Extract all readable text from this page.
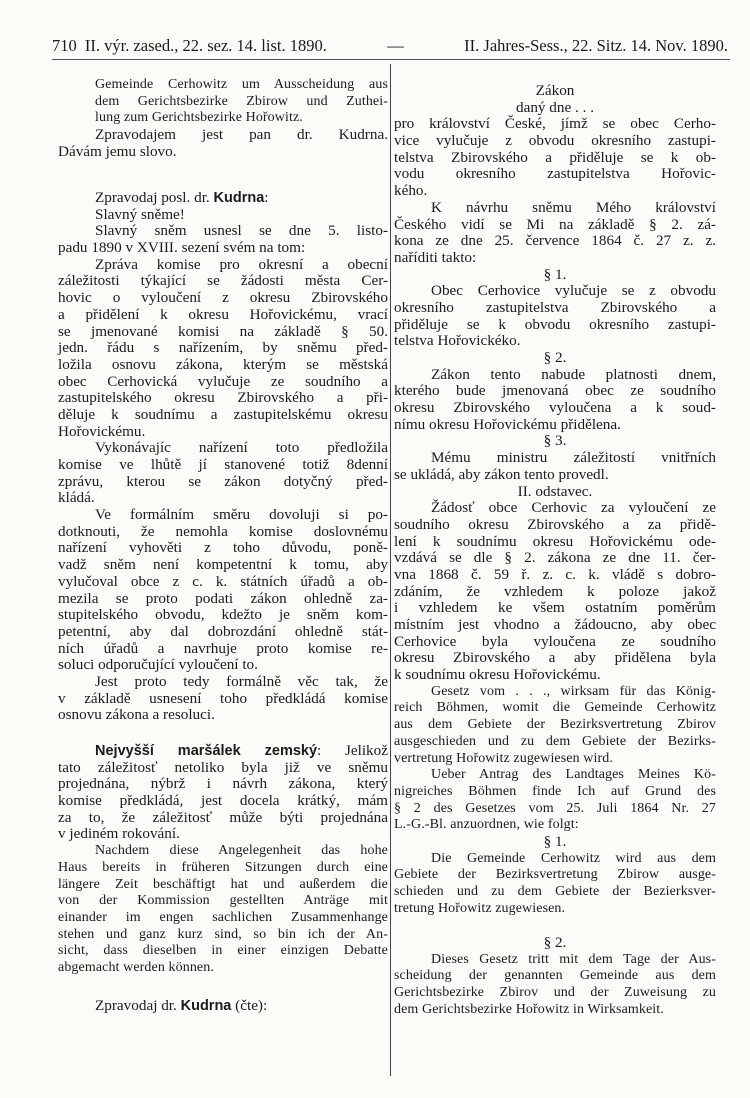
710 II. výr. zased., 22. sez. 14. list. 1890.	—	II. Jahres-Sess., 22. Sitz. 14. Nov. 1890.
Gemeinde Cerhowitz um Ausscheidung aus
dem Gerichtsbezirke Zbirow und Zuthei-
lung zum Gerichtsbezirke Hořowitz.
Zpravodajem jest pan dr. Kudrna.
Dávám jemu slovo.
Zpravodaj posl. dr. Kudrna:
Slavný sněme!
Slavný sněm usnesl se dne 5. listo-
padu 1890 v XVIII. sezení svém na tom:
Zpráva komise pro okresní a obecní
záležitosti týkající se žádosti města Cer-
hovic o vyloučení z okresu Zbirovského
a přidělení k okresu Hořovickému, vrací
se jmenované komisi na základě § 50.
jedn. řádu s nařízením, by sněmu před-
ložila osnovu zákona, kterým se městská
obec Cerhovická vylučuje ze soudního a
zastupitelského okresu Zbirovského a při-
děluje k soudnímu a zastupitelskému okresu
Hořovickému.
Vykonávajíc nařízení toto předložila
komise ve lhůtě jí stanovené totiž 8denní
zprávu, kterou se zákon dotyčný před-
kládá.
Ve formálním směru dovoluji si po-
dotknouti, že nemohla komise doslovnému
nařízení vyhověti z toho důvodu, poně-
vadž sněm není kompetentní k tomu, aby
vylučoval obce z c. k. státních úřadů a ob-
mezila se proto podati zákon ohledně za-
stupitelského obvodu, kdežto je sněm kom-
petentní, aby dal dobrozdání ohledně stát-
ních úřadů a navrhuje proto komise re-
soluci odporučující vyloučení to.
Jest proto tedy formálně věc tak, že
v základě usnesení toho předkládá komise
osnovu zákona a resoluci.
Nejvyšší maršálek zemský: Jelikož
tato záležitosť netoliko byla již ve sněmu
projednána, nýbrž i návrh zákona, který
komise předkládá, jest docela krátký, mám
za to, že záležitosť může býti projednána
v jediném rokování.
Nachdem diese Angelegenheit das hohe
Haus bereits in früheren Sitzungen durch eine
längere Zeit beschäftigt hat und außerdem die
von der Kommission gestellten Anträge mit
einander im engen sachlichen Zusammenhange
stehen und ganz kurz sind, so bin ich der An-
sicht, dass dieselben in einer einzigen Debatte
abgemacht werden können.
Zpravodaj dr. Kudrna (čte):
Zákon
daný dne . . .
pro království České, jímž se obec Cerho-
vice vylučuje z obvodu okresního zastupi-
telstva Zbirovského a přiděluje se k ob-
vodu okresního zastupitelstva Hořovic-
kého.
K návrhu sněmu Mého království
Českého vidí se Mi na základě § 2. zá-
kona ze dne 25. července 1864 č. 27 z. z.
naříditi takto:
§ 1.
Obec Cerhovice vylučuje se z obvodu
okresního zastupitelstva Zbirovského a
přiděluje se k obvodu okresního zastupi-
telstva Hořovickéko.
§ 2.
Zákon tento nabude platnosti dnem,
kterého bude jmenovaná obec ze soudního
okresu Zbirovského vyloučena a k soud-
nímu okresu Hořovickému přidělena.
§ 3.
Mému ministru záležitostí vnitřních
se ukládá, aby zákon tento provedl.
II. odstavec.
Žádosť obce Cerhovic za vyloučení ze
soudního okresu Zbirovského a za přidě-
lení k soudnímu okresu Hořovickému ode-
vzdává se dle § 2. zákona ze dne 11. čer-
vna 1868 č. 59 ř. z. c. k. vládě s dobro-
zdáním, že vzhledem k poloze jakož
i vzhledem ke všem ostatním poměrům
místním jest vhodno a žádoucno, aby obec
Cerhovice byla vyloučena ze soudního
okresu Zbirovského a aby přidělena byla
k soudnímu okresu Hořovickému.
Gesetz vom . . ., wirksam für das König-
reich Böhmen, womit die Gemeinde Cerhowitz
aus dem Gebiete der Bezirksvertretung Zbirov
ausgeschieden und zu dem Gebiete der Bezirks-
vertretung Hořowitz zugewiesen wird.
Ueber Antrag des Landtages Meines Kö-
nigreiches Böhmen finde Ich auf Grund des
§ 2 des Gesetzes vom 25. Juli 1864 Nr. 27
L.-G.-Bl. anzuordnen, wie folgt:
§ 1.
Die Gemeinde Cerhowitz wird aus dem
Gebiete der Bezirksvertretung Zbirow ausge-
schieden und zu dem Gebiete der Bezierksver-
tretung Hořowitz zugewiesen.
§ 2.
Dieses Gesetz tritt mit dem Tage der Aus-
scheidung der genannten Gemeinde aus dem
Gerichtsbezirke Zbirov und der Zuweisung zu
dem Gerichtsbezirke Hořowitz in Wirksamkeit.
